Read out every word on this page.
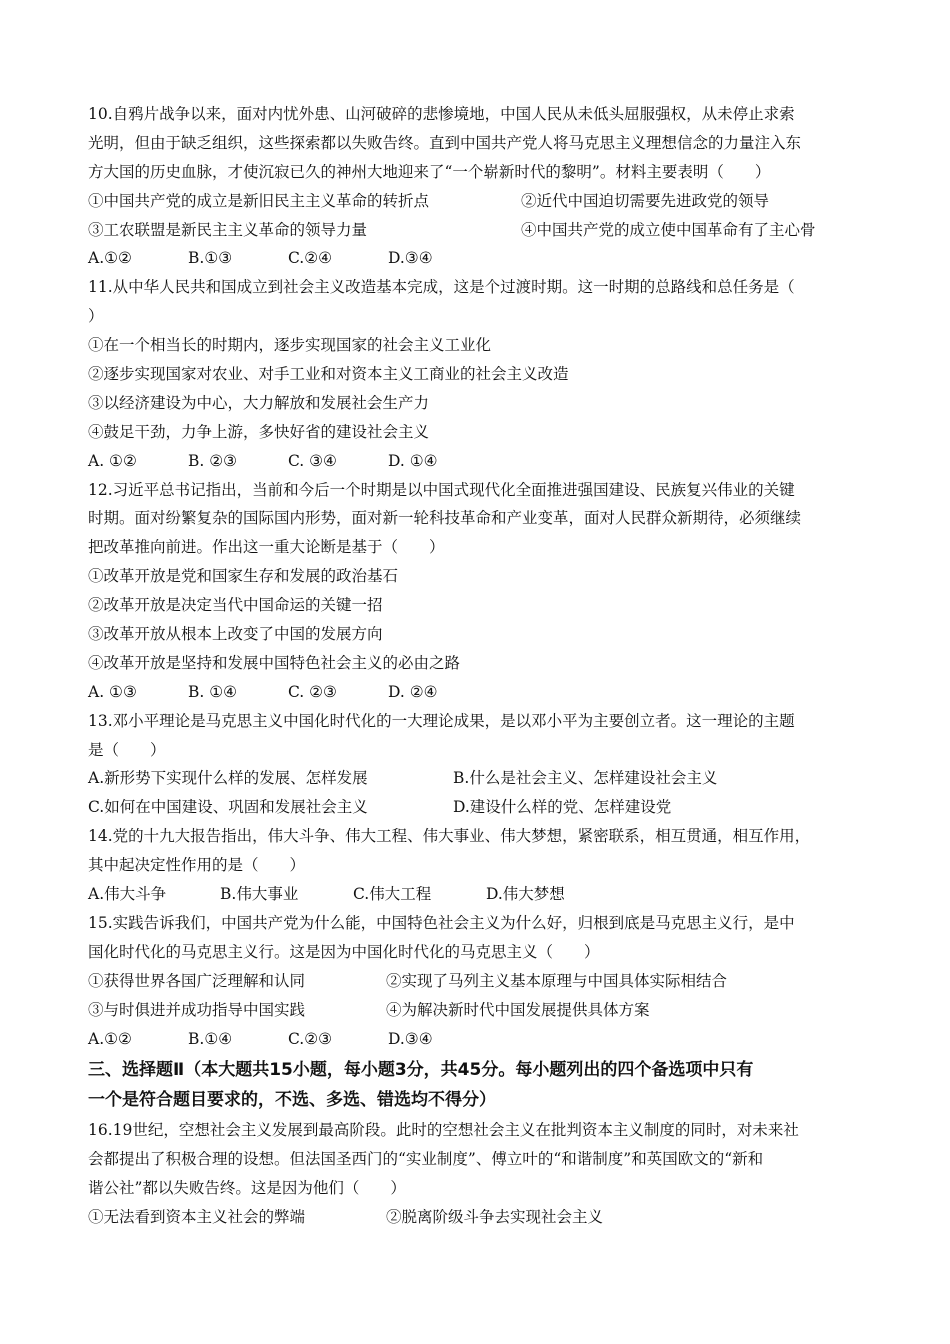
10.自鸦片战争以来，面对内忧外患、山河破碎的悲惨境地，中国人民从未低头屈服强权，从未停止求索
光明，但由于缺乏组织，这些探索都以失败告终。直到中国共产党人将马克思主义理想信念的力量注入东
方大国的历史血脉，才使沉寂已久的神州大地迎来了“一个崭新时代的黎明”。材料主要表明（　　）
①中国共产党的成立是新旧民主主义革命的转折点	②近代中国迫切需要先进政党的领导
③工农联盟是新民主主义革命的领导力量	④中国共产党的成立使中国革命有了主心骨
A.①②	B.①③	C.②④	D.③④
11.从中华人民共和国成立到社会主义改造基本完成，这是个过渡时期。这一时期的总路线和总任务是（
）
①在一个相当长的时期内，逐步实现国家的社会主义工业化
②逐步实现国家对农业、对手工业和对资本主义工商业的社会主义改造
③以经济建设为中心，大力解放和发展社会生产力
④鼓足干劲，力争上游，多快好省的建设社会主义
A. ①②	B. ②③	C. ③④	D. ①④
12.习近平总书记指出，当前和今后一个时期是以中国式现代化全面推进强国建设、民族复兴伟业的关键
时期。面对纷繁复杂的国际国内形势，面对新一轮科技革命和产业变革，面对人民群众新期待，必须继续
把改革推向前进。作出这一重大论断是基于（　　）
①改革开放是党和国家生存和发展的政治基石
②改革开放是决定当代中国命运的关键一招
③改革开放从根本上改变了中国的发展方向
④改革开放是坚持和发展中国特色社会主义的必由之路
A. ①③	B. ①④	C. ②③	D. ②④
13.邓小平理论是马克思主义中国化时代化的一大理论成果，是以邓小平为主要创立者。这一理论的主题
是（　　）
A.新形势下实现什么样的发展、怎样发展	B.什么是社会主义、怎样建设社会主义
C.如何在中国建设、巩固和发展社会主义	D.建设什么样的党、怎样建设党
14.党的十九大报告指出，伟大斗争、伟大工程、伟大事业、伟大梦想，紧密联系，相互贯通，相互作用，
其中起决定性作用的是（　　）
A.伟大斗争	B.伟大事业	C.伟大工程	D.伟大梦想
15.实践告诉我们，中国共产党为什么能，中国特色社会主义为什么好，归根到底是马克思主义行，是中
国化时代化的马克思主义行。这是因为中国化时代化的马克思主义（　　）
①获得世界各国广泛理解和认同	②实现了马列主义基本原理与中国具体实际相结合
③与时俱进并成功指导中国实践	④为解决新时代中国发展提供具体方案
A.①②	B.①④	C.②③	D.③④
三、选择题Ⅱ（本大题共15小题，每小题3分，共45分。每小题列出的四个备选项中只有
一个是符合题目要求的，不选、多选、错选均不得分）
16.19世纪，空想社会主义发展到最高阶段。此时的空想社会主义在批判资本主义制度的同时，对未来社
会都提出了积极合理的设想。但法国圣西门的“实业制度”、傅立叶的“和谐制度”和英国欧文的“新和
谐公社”都以失败告终。这是因为他们（　　）
①无法看到资本主义社会的弊端	②脱离阶级斗争去实现社会主义
